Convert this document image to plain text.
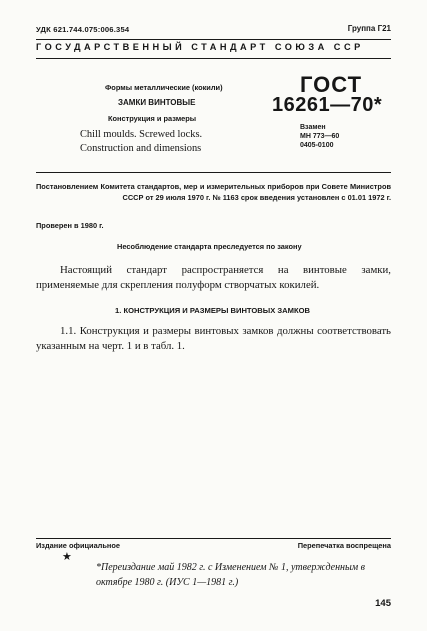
УДК 621.744.075:006.354	Группа Г21
ГОСУДАРСТВЕННЫЙ СТАНДАРТ СОЮЗА ССР
Формы металлические (кокили)
ЗАМКИ ВИНТОВЫЕ
Конструкция и размеры
Chill moulds. Screwed locks.
Construction and dimensions
ГОСТ
16261—70*
Взамен
МН 773—60
0405-0100
Постановлением Комитета стандартов, мер и измерительных приборов при Совете Министров СССР от 29 июля 1970 г. № 1163 срок введения установлен с 01.01 1972 г.
Проверен в 1980 г.
Несоблюдение стандарта преследуется по закону
Настоящий стандарт распространяется на винтовые замки, применяемые для скрепления полуформ створчатых кокилей.
1. КОНСТРУКЦИЯ И РАЗМЕРЫ ВИНТОВЫХ ЗАМКОВ
1.1. Конструкция и размеры винтовых замков должны соответствовать указанным на черт. 1 и в табл. 1.
Издание официальное	Перепечатка воспрещена
★
*Переиздание май 1982 г. с Изменением № 1, утвержденным в октябре 1980 г. (ИУС 1—1981 г.)
145
